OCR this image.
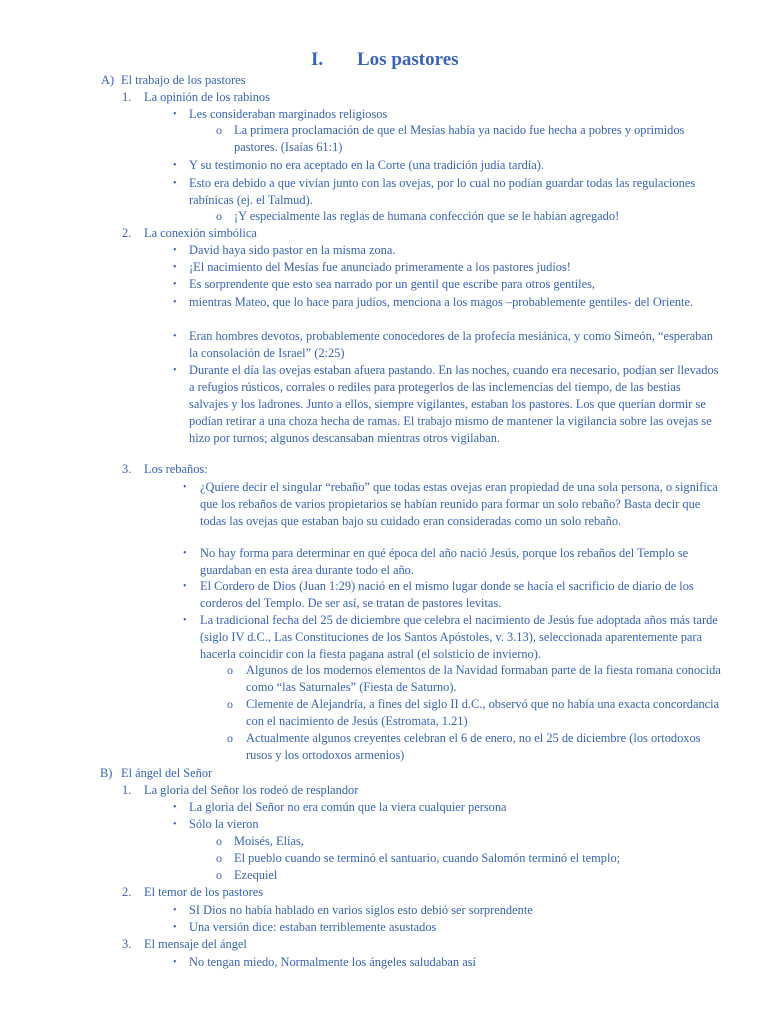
I. Los pastores
A) El trabajo de los pastores
1. La opinión de los rabinos
• Les consideraban marginados religiosos
o La primera proclamación de que el Mesías había ya nacido fue hecha a pobres y oprimidos pastores. (Isaías 61:1)
• Y su testimonio no era aceptado en la Corte (una tradición judía tardía).
• Esto era debido a que vivían junto con las ovejas, por lo cual no podían guardar todas las regulaciones rabínicas (ej. el Talmud).
o ¡Y especialmente las reglas de humana confección que se le habían agregado!
2. La conexión simbólica
• David haya sido pastor en la misma zona.
• ¡El nacimiento del Mesías fue anunciado primeramente a los pastores judíos!
• Es sorprendente que esto sea narrado por un gentil que escribe para otros gentiles,
• mientras Mateo, que lo hace para judíos, menciona a los magos –probablemente gentiles- del Oriente.
• Eran hombres devotos, probablemente conocedores de la profecía mesiánica, y como Simeón, “esperaban la consolación de Israel” (2:25)
• Durante el día las ovejas estaban afuera pastando. En las noches, cuando era necesario, podían ser llevados a refugios rústicos, corrales o rediles para protegerlos de las inclemencias del tiempo, de las bestias salvajes y los ladrones. Junto a ellos, siempre vigilantes, estaban los pastores. Los que querían dormir se podían retirar a una choza hecha de ramas. El trabajo mismo de mantener la vigilancia sobre las ovejas se hizo por turnos; algunos descansaban mientras otros vigilaban.
3. Los rebaños:
• ¿Quiere decir el singular “rebaño” que todas estas ovejas eran propiedad de una sola persona, o significa que los rebaños de varios propietarios se habían reunido para formar un solo rebaño? Basta decir que todas las ovejas que estaban bajo su cuidado eran consideradas como un solo rebaño.
• No hay forma para determinar en qué época del año nació Jesús, porque los rebaños del Templo se guardaban en esta área durante todo el año.
• El Cordero de Dios (Juan 1:29) nació en el mismo lugar donde se hacía el sacrificio de diario de los corderos del Templo. De ser así, se tratan de pastores levitas.
• La tradicional fecha del 25 de diciembre que celebra el nacimiento de Jesús fue adoptada años más tarde (siglo IV d.C., Las Constituciones de los Santos Apóstoles, v. 3.13), seleccionada aparentemente para hacerla coincidir con la fiesta pagana astral (el solsticio de invierno).
o Algunos de los modernos elementos de la Navidad formaban parte de la fiesta romana conocida como “las Saturnales” (Fiesta de Saturno).
o Clemente de Alejandría, a fines del siglo II d.C., observó que no había una exacta concordancia con el nacimiento de Jesús (Estromata, 1.21)
o Actualmente algunos creyentes celebran el 6 de enero, no el 25 de diciembre (los ortodoxos rusos y los ortodoxos armenios)
B) El ángel del Señor
1. La gloria del Señor los rodeó de resplandor
• La gloria del Señor no era común que la viera cualquier persona
• Sólo la vieron
o Moisés, Elías,
o El pueblo cuando se terminó el santuario, cuando Salomón terminó el templo;
o Ezequiel
2. El temor de los pastores
• SI Dios no había hablado en varios siglos esto debió ser sorprendente
• Una versión dice: estaban terriblemente asustados
3. El mensaje del ángel
• No tengan miedo, Normalmente los ángeles saludaban así
